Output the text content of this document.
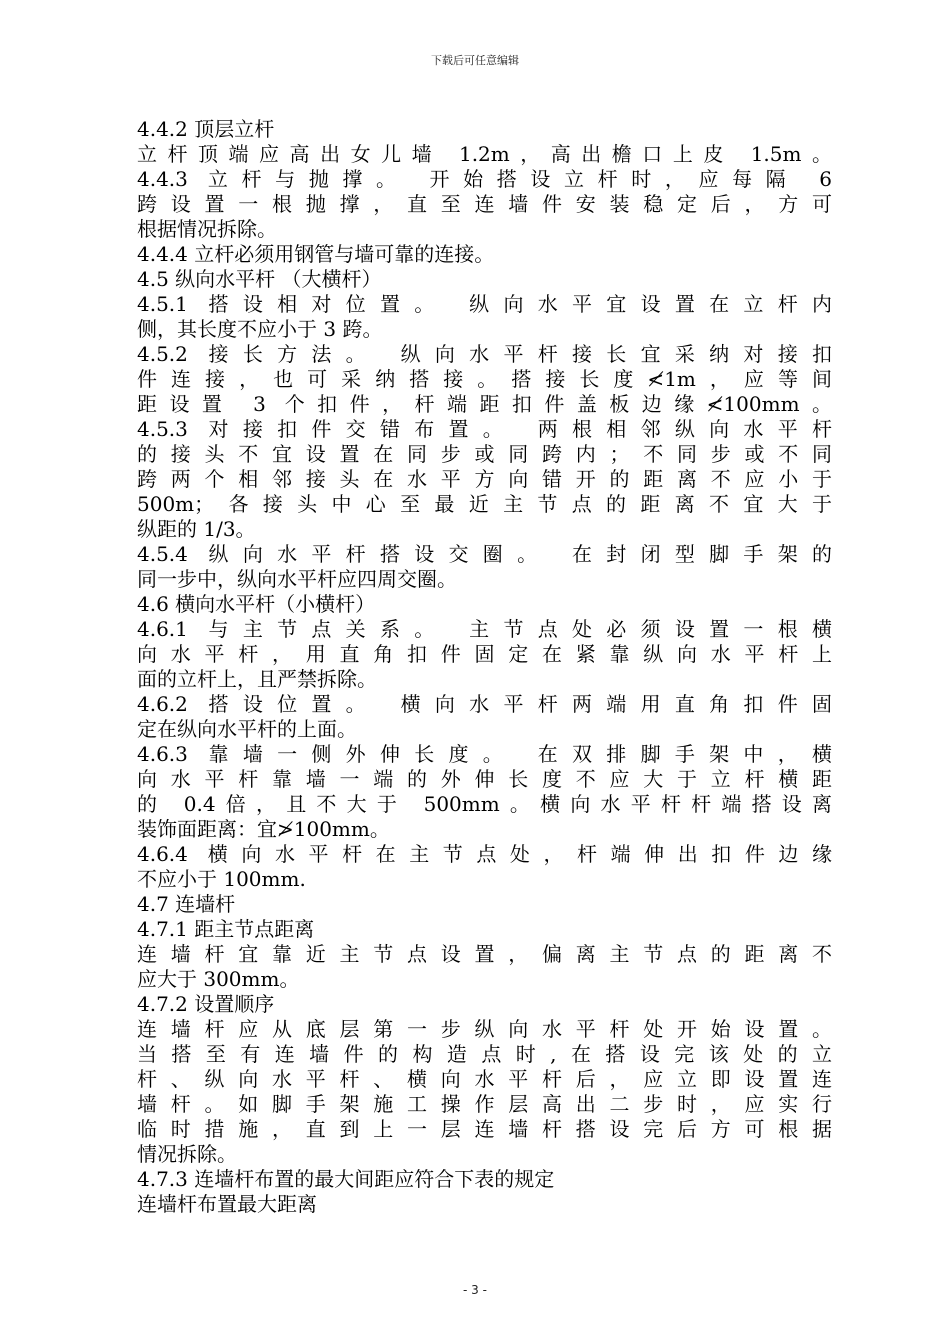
下载后可任意编辑
4.4.2 顶层立杆
立杆顶端应高出女儿墙 1.2m，高出檐口上皮 1.5m。
4.4.3 立杆与抛撑。 开始搭设立杆时，应每隔 6
跨设置一根抛撑，直至连墙件安装稳定后，方可
根据情况拆除。
4.4.4 立杆必须用钢管与墙可靠的连接。
4.5 纵向水平杆 （大横杆）
4.5.1 搭设相对位置。 纵向水平宜设置在立杆内
侧，其长度不应小于 3 跨。
4.5.2 接长方法。 纵向水平杆接长宜采纳对接扣
件连接，也可采纳搭接。搭接长度≮1m，应等间
距设置 3 个扣件，杆端距扣件盖板边缘≮100mm。
4.5.3 对接扣件交错布置。 两根相邻纵向水平杆
的接头不宜设置在同步或同跨内；不同步或不同
跨两个相邻接头在水平方向错开的距离不应小于
500m；各接头中心至最近主节点的距离不宜大于
纵距的 1/3。
4.5.4 纵向水平杆搭设交圈。 在封闭型脚手架的
同一步中，纵向水平杆应四周交圈。
4.6 横向水平杆（小横杆）
4.6.1 与主节点关系。 主节点处必须设置一根横
向水平杆，用直角扣件固定在紧靠纵向水平杆上
面的立杆上，且严禁拆除。
4.6.2 搭设位置。 横向水平杆两端用直角扣件固
定在纵向水平杆的上面。
4.6.3 靠墙一侧外伸长度。 在双排脚手架中，横
向水平杆靠墙一端的外伸长度不应大于立杆横距
的 0.4倍，且不大于 500mm。横向水平杆杆端搭设离
装饰面距离：宜≯100mm。
4.6.4 横向水平杆在主节点处，杆端伸出扣件边缘
不应小于 100mm.
4.7 连墙杆
4.7.1 距主节点距离
连墙杆宜靠近主节点设置，偏离主节点的距离不
应大于 300mm。
4.7.2 设置顺序
连墙杆应从底层第一步纵向水平杆处开始设置。
当搭至有连墙件的构造点时,在搭设完该处的立
杆、纵向水平杆、横向水平杆后，应立即设置连
墙杆。如脚手架施工操作层高出二步时，应实行
临时措施，直到上一层连墙杆搭设完后方可根据
情况拆除。
4.7.3 连墙杆布置的最大间距应符合下表的规定
连墙杆布置最大距离
- 3 -
